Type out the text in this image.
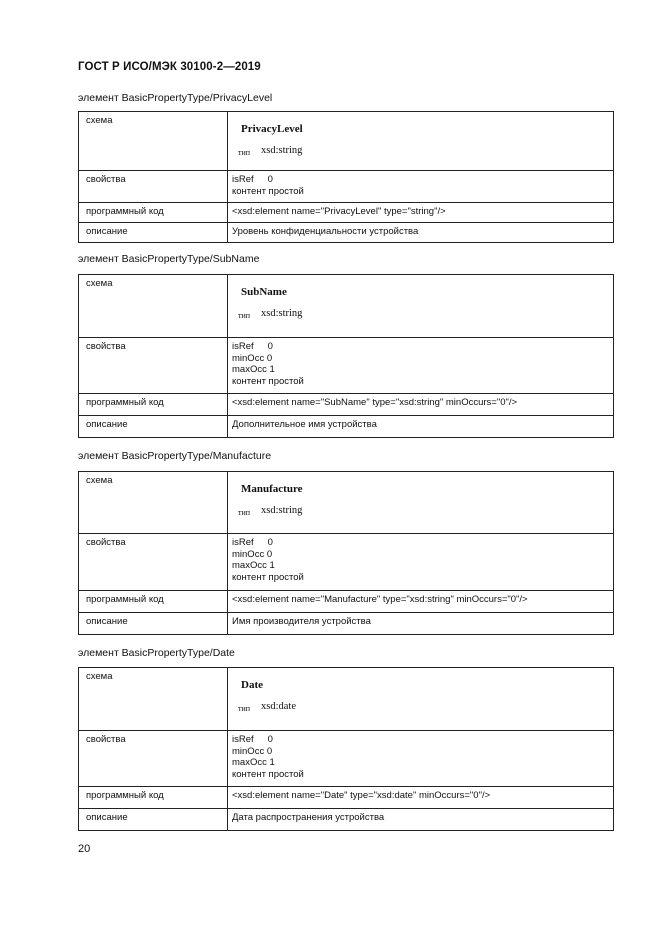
ГОСТ Р ИСО/МЭК 30100-2—2019
элемент BasicPropertyType/PrivacyLevel
схема	PrivacyLevel
тип xsd:string

свойства	isRef 0
контент простой

программный код	<xsd:element name="PrivacyLevel" type="string"/>
описание	Уровень конфиденциальности устройства
элемент BasicPropertyType/SubName
схема	SubName
тип xsd:string

свойства	isRef 0
minOcc 0
maxOcc 1
контент простой

программный код	<xsd:element name="SubName" type="xsd:string" minOccurs="0"/>
описание	Дополнительное имя устройства
элемент BasicPropertyType/Manufacture
схема	Manufacture
тип xsd:string

свойства	isRef 0
minOcc 0
maxOcc 1
контент простой

программный код	<xsd:element name="Manufacture" type="xsd:string" minOccurs="0"/>
описание	Имя производителя устройства
элемент BasicPropertyType/Date
схема	Date
тип xsd:date

свойства	isRef 0
minOcc 0
maxOcc 1
контент простой

программный код	<xsd:element name="Date" type="xsd:date" minOccurs="0"/>
описание	Дата распространения устройства
20
